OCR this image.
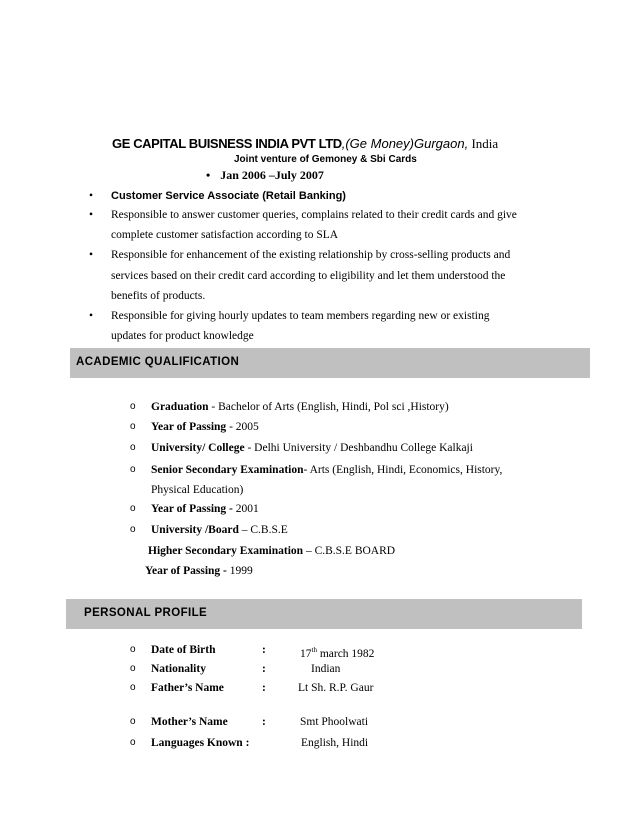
GE CAPITAL BUISNESS INDIA PVT LTD,(Ge Money)Gurgaon, India
Joint venture of Gemoney & Sbi Cards
• Jan 2006 –July 2007
• Customer Service Associate (Retail Banking)
• Responsible to answer customer queries, complains related to their credit cards and give
complete customer satisfaction according to SLA
• Responsible for enhancement of the existing relationship by cross-selling products and
services based on their credit card according to eligibility and let them understood the
benefits of products.
• Responsible for giving hourly updates to team members regarding new or existing
updates for product knowledge
ACADEMIC QUALIFICATION
o Graduation - Bachelor of Arts (English, Hindi, Pol sci ,History)
o Year of Passing - 2005
o University/ College - Delhi University / Deshbandhu College Kalkaji
o Senior Secondary Examination- Arts (English, Hindi, Economics, History,
Physical Education)
o Year of Passing - 2001
o University /Board – C.B.S.E
Higher Secondary Examination – C.B.S.E BOARD
Year of Passing - 1999
PERSONAL PROFILE
o Date of Birth	:	17th march 1982
o Nationality	:	Indian
o Father’s Name	:	Lt Sh. R.P. Gaur
o Mother’s Name	:	Smt Phoolwati
o Languages Known :	English, Hindi
